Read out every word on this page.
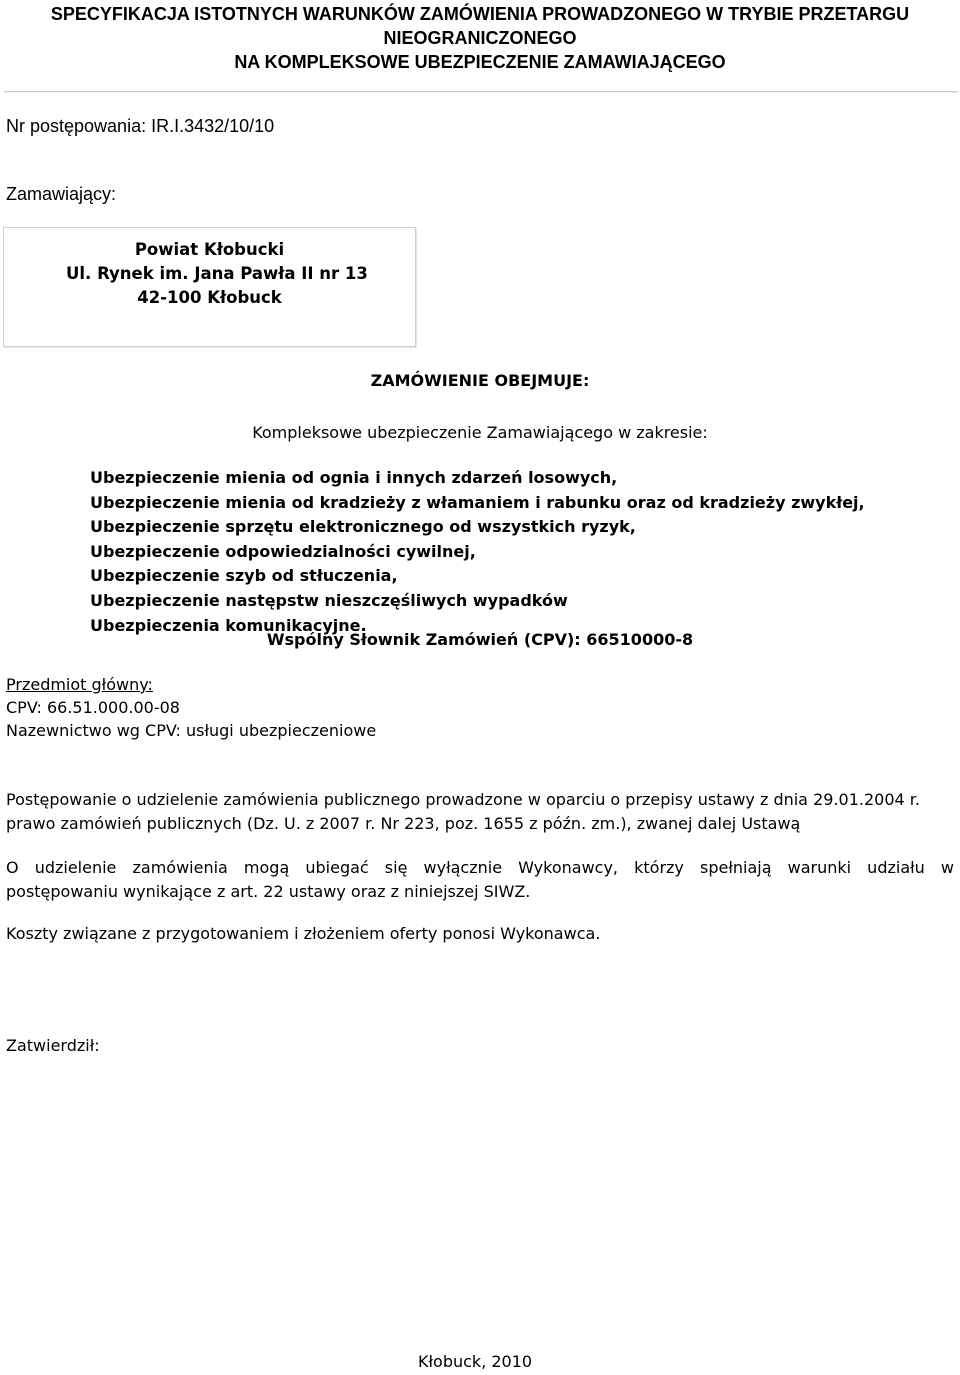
SPECYFIKACJA ISTOTNYCH WARUNKÓW ZAMÓWIENIA PROWADZONEGO W TRYBIE PRZETARGU
NIEOGRANICZONEGO
NA KOMPLEKSOWE UBEZPIECZENIE ZAMAWIAJĄCEGO
Nr postępowania: IR.I.3432/10/10
Zamawiający:
Powiat Kłobucki
Ul. Rynek im. Jana Pawła II nr 13
42-100 Kłobuck
ZAMÓWIENIE OBEJMUJE:
Kompleksowe ubezpieczenie Zamawiającego w zakresie:
Ubezpieczenie mienia od ognia i innych zdarzeń losowych,
Ubezpieczenie mienia od kradzieży z włamaniem i rabunku oraz od kradzieży zwykłej,
Ubezpieczenie sprzętu elektronicznego od wszystkich ryzyk,
Ubezpieczenie odpowiedzialności cywilnej,
Ubezpieczenie szyb od stłuczenia,
Ubezpieczenie następstw nieszczęśliwych wypadków
Ubezpieczenia komunikacyjne.
Wspólny Słownik Zamówień (CPV): 66510000-8
Przedmiot główny:
CPV: 66.51.000.00-08
Nazewnictwo wg CPV: usługi ubezpieczeniowe
Postępowanie o udzielenie zamówienia publicznego prowadzone w oparciu o przepisy ustawy z dnia 29.01.2004 r.
prawo zamówień publicznych (Dz. U. z 2007 r. Nr 223, poz. 1655 z późn. zm.), zwanej dalej Ustawą
O udzielenie zamówienia mogą ubiegać się wyłącznie Wykonawcy, którzy spełniają warunki udziału w
postępowaniu wynikające z art. 22 ustawy oraz z niniejszej SIWZ.
Koszty związane z przygotowaniem i złożeniem oferty ponosi Wykonawca.
Zatwierdził:
Kłobuck, 2010
